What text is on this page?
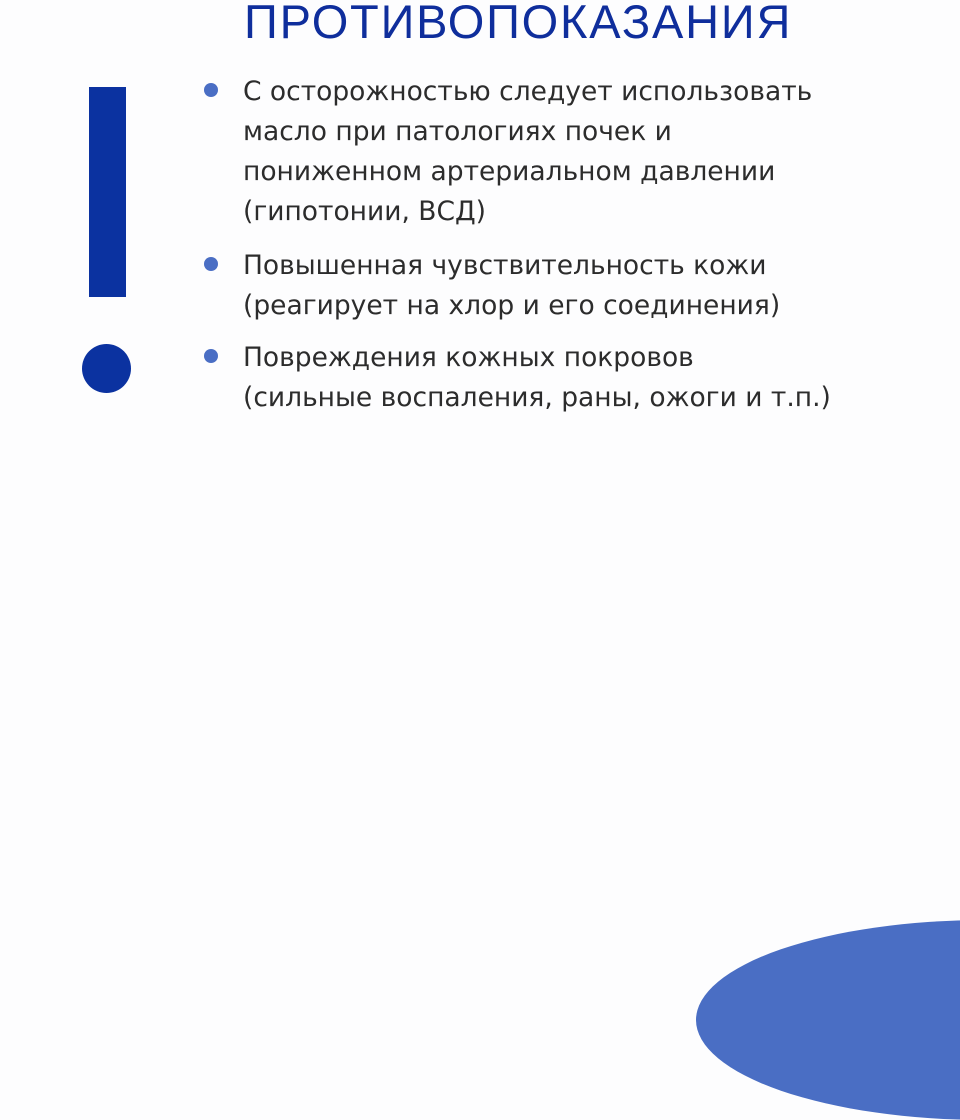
ПРОТИВОПОКАЗАНИЯ

С осторожностью следует использовать
масло при патологиях почек и
пониженном артериальном давлении
(гипотонии, ВСД)

Повышенная чувствительность кожи
(реагирует на хлор и его соединения)

Повреждения кожных покровов
(сильные воспаления, раны, ожоги и т.п.)
